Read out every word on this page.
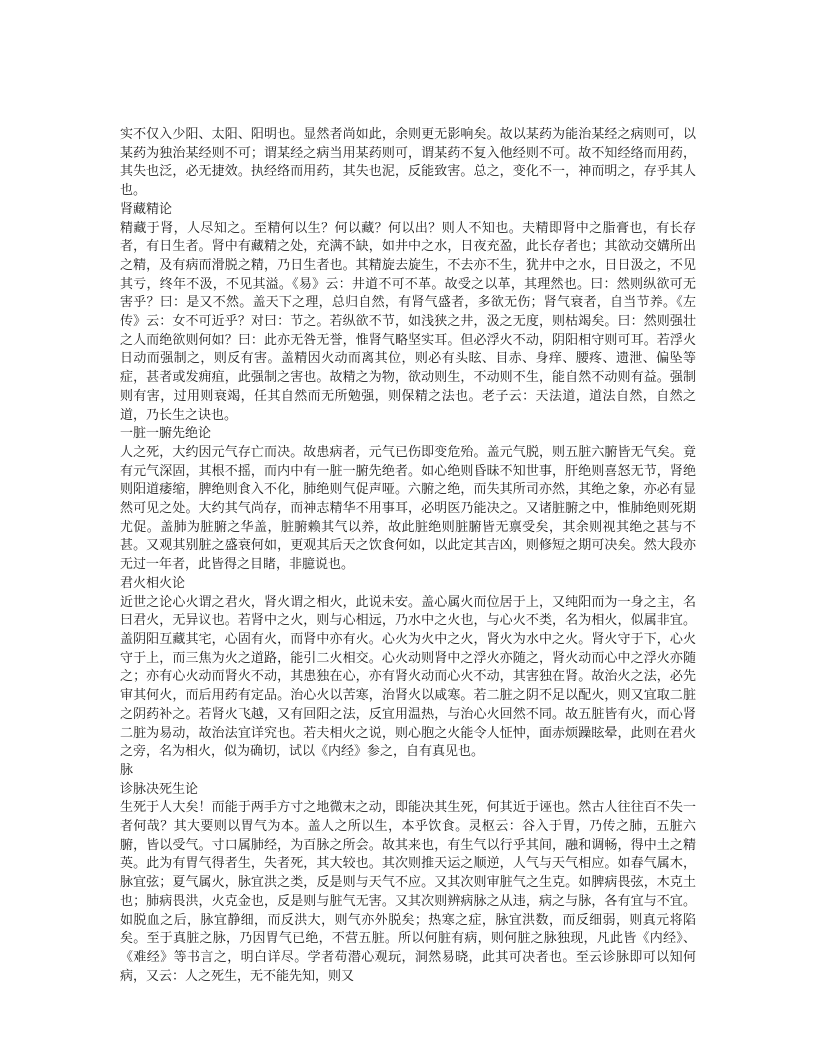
实不仅入少阳、太阳、阳明也。显然者尚如此，余则更无影响矣。故以某药为能治某经之病则可，以某药为独治某经则不可；谓某经之病当用某药则可，谓某药不复入他经则不可。故不知经络而用药，其失也泛，必无捷效。执经络而用药，其失也泥，反能致害。总之，变化不一，神而明之，存乎其人也。

肾藏精论

精藏于肾，人尽知之。至精何以生？何以藏？何以出？则人不知也。夫精即肾中之脂膏也，有长存者，有日生者。肾中有藏精之处，充满不缺，如井中之水，日夜充盈，此长存者也；其欲动交媾所出之精，及有病而滑脱之精，乃日生者也。其精旋去旋生，不去亦不生，犹井中之水，日日汲之，不见其亏，终年不汲，不见其溢。《易》云：井道不可不革。故受之以革，其理然也。曰：然则纵欲可无害乎？曰：是又不然。盖天下之理，总归自然，有肾气盛者，多欲无伤；肾气衰者，自当节养。《左传》云：女不可近乎？对曰：节之。若纵欲不节，如浅狭之井，汲之无度，则枯竭矣。曰：然则强壮之人而绝欲则何如？曰：此亦无咎无誉，惟肾气略坚实耳。但必浮火不动，阴阳相守则可耳。若浮火日动而强制之，则反有害。盖精因火动而离其位，则必有头眩、目赤、身痒、腰疼、遗泄、偏坠等症，甚者或发痈疽，此强制之害也。故精之为物，欲动则生，不动则不生，能自然不动则有益。强制则有害，过用则衰竭，任其自然而无所勉强，则保精之法也。老子云：天法道，道法自然，自然之道，乃长生之诀也。

一脏一腑先绝论

人之死，大约因元气存亡而决。故患病者，元气已伤即变危殆。盖元气脱，则五脏六腑皆无气矣。竟有元气深固，其根不摇，而内中有一脏一腑先绝者。如心绝则昏昧不知世事，肝绝则喜怒无节，肾绝则阳道痿缩，脾绝则食入不化，肺绝则气促声哑。六腑之绝，而失其所司亦然，其绝之象，亦必有显然可见之处。大约其气尚存，而神志精华不用事耳，必明医乃能决之。又诸脏腑之中，惟肺绝则死期尤促。盖肺为脏腑之华盖，脏腑赖其气以养，故此脏绝则脏腑皆无禀受矣，其余则视其绝之甚与不甚。又观其别脏之盛衰何如，更观其后天之饮食何如，以此定其吉凶，则修短之期可决矣。然大段亦无过一年者，此皆得之目睹，非臆说也。

君火相火论

近世之论心火谓之君火，肾火谓之相火，此说未安。盖心属火而位居于上，又纯阳而为一身之主，名曰君火，无异议也。若肾中之火，则与心相远，乃水中之火也，与心火不类，名为相火，似属非宜。盖阴阳互藏其宅，心固有火，而肾中亦有火。心火为火中之火，肾火为水中之火。肾火守于下，心火守于上，而三焦为火之道路，能引二火相交。心火动则肾中之浮火亦随之，肾火动而心中之浮火亦随之；亦有心火动而肾火不动，其患独在心，亦有肾火动而心火不动，其害独在肾。故治火之法，必先审其何火，而后用药有定品。治心火以苦寒，治肾火以咸寒。若二脏之阴不足以配火，则又宜取二脏之阴药补之。若肾火飞越，又有回阳之法，反宜用温热，与治心火回然不同。故五脏皆有火，而心肾二脏为易动，故治法宜详究也。若夫相火之说，则心胞之火能令人怔忡，面赤烦躁眩晕，此则在君火之旁，名为相火，似为确切，试以《内经》参之，自有真见也。

脉

诊脉决死生论

生死于人大矣！而能于两手方寸之地微末之动，即能决其生死，何其近于诬也。然古人往往百不失一者何哉？其大要则以胃气为本。盖人之所以生，本乎饮食。灵枢云：谷入于胃，乃传之肺，五脏六腑，皆以受气。寸口属肺经，为百脉之所会。故其来也，有生气以行乎其间，融和调畅，得中土之精英。此为有胃气得者生，失者死，其大较也。其次则推天运之顺逆，人气与天气相应。如春气属木，脉宜弦；夏气属火，脉宜洪之类，反是则与天气不应。又其次则审脏气之生克。如脾病畏弦，木克土也；肺病畏洪，火克金也，反是则与脏气无害。又其次则辨病脉之从违，病之与脉，各有宜与不宜。如脱血之后，脉宜静细，而反洪大，则气亦外脱矣；热寒之症，脉宜洪数，而反细弱，则真元将陷矣。至于真脏之脉，乃因胃气已绝，不营五脏。所以何脏有病，则何脏之脉独现，凡此皆《内经》、《难经》等书言之，明白详尽。学者苟潜心观玩，洞然易晓，此其可决者也。至云诊脉即可以知何病，又云：人之死生，无不能先知，则又
